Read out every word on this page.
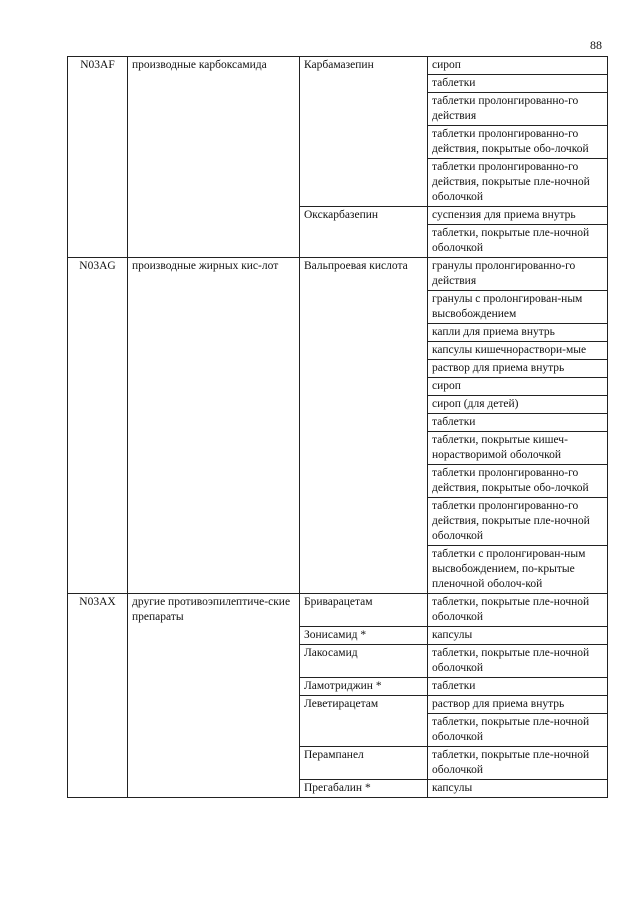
88
N03AF	производные карбоксамида	Карбамазепин	сироп
			таблетки
			таблетки пролонгированно-го действия
			таблетки пролонгированно-го действия, покрытые обо-лочкой
			таблетки пролонгированно-го действия, покрытые пле-ночной оболочкой
		Окскарбазепин	суспензия для приема внутрь
			таблетки, покрытые пле-ночной оболочкой
N03AG	производные жирных кис-лот	Вальпроевая кислота	гранулы пролонгированно-го действия
			гранулы с пролонгирован-ным высвобождением
			капли для приема внутрь
			капсулы кишечнораствори-мые
			раствор для приема внутрь
			сироп
			сироп (для детей)
			таблетки
			таблетки, покрытые кишеч-норастворимой оболочкой
			таблетки пролонгированно-го действия, покрытые обо-лочкой
			таблетки пролонгированно-го действия, покрытые пле-ночной оболочкой
			таблетки с пролонгирован-ным высвобождением, по-крытые пленочной оболоч-кой
N03AX	другие противоэпилептиче-ские препараты	Бриварацетам	таблетки, покрытые пле-ночной оболочкой
		Зонисамид *	капсулы
		Лакосамид	таблетки, покрытые пле-ночной оболочкой
		Ламотриджин *	таблетки
		Леветирацетам	раствор для приема внутрь
			таблетки, покрытые пле-ночной оболочкой
		Перампанел	таблетки, покрытые пле-ночной оболочкой
		Прегабалин *	капсулы
